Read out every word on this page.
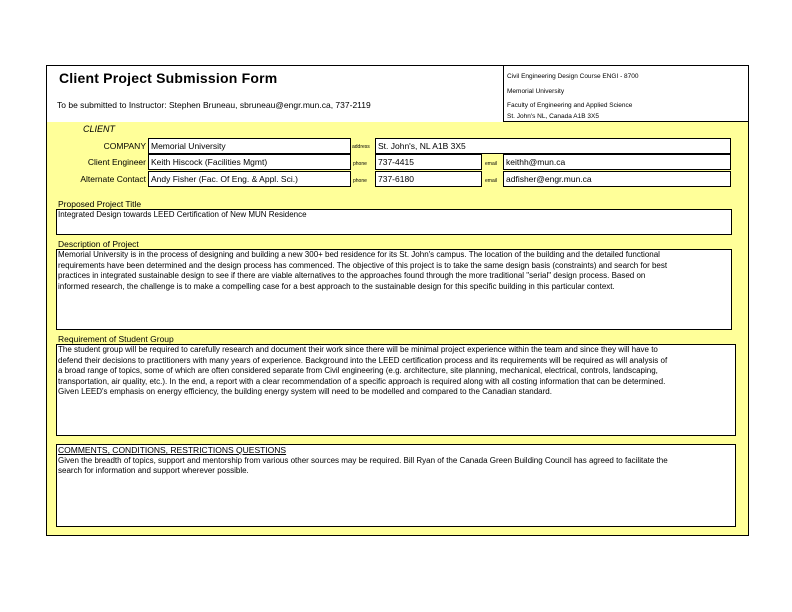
Client Project Submission Form
To be submitted to Instructor: Stephen Bruneau, sbruneau@engr.mun.ca, 737-2119
Civil Engineering Design Course ENGI - 8700
Memorial University
Faculty of Engineering and Applied Science
St. John's NL, Canada A1B 3X5
CLIENT
COMPANY Memorial University	address St. John's, NL A1B 3X5
Client Engineer Keith Hiscock (Facilities Mgmt)	phone	737-4415	email	keithh@mun.ca
Alternate Contact Andy Fisher (Fac. Of Eng. & Appl. Sci.)	phone	737-6180	email	adfisher@engr.mun.ca
Proposed Project Title
Integrated Design towards LEED Certification of New MUN Residence
Description of Project
Memorial University is in the process of designing and building a new 300+ bed residence for its St. John's campus. The location of the building and the detailed functional
requirements have been determined and the design process has commenced. The objective of this project is to take the same design basis (constraints) and search for best
practices in integrated sustainable design to see if there are viable alternatives to the approaches found through the more traditional "serial" design process. Based on
informed research, the challenge is to make a compelling case for a best approach to the sustainable design for this specific building in this particular context.
Requirement of Student Group
The student group will be required to carefully research and document their work since there will be minimal project experience within the team and since they will have to
defend their decisions to practitioners with many years of experience. Background into the LEED certification process and its requirements will be required as will analysis of
a broad range of topics, some of which are often considered separate from Civil engineering (e.g. architecture, site planning, mechanical, electrical, controls, landscaping,
transportation, air quality, etc.). In the end, a report with a clear recommendation of a specific approach is required along with all costing information that can be determined.
Given LEED's emphasis on energy efficiency, the building energy system will need to be modelled and compared to the Canadian standard.
COMMENTS, CONDITIONS, RESTRICTIONS QUESTIONS
Given the breadth of topics, support and mentorship from various other sources may be required. Bill Ryan of the Canada Green Building Council has agreed to facilitate the
search for information and support wherever possible.
